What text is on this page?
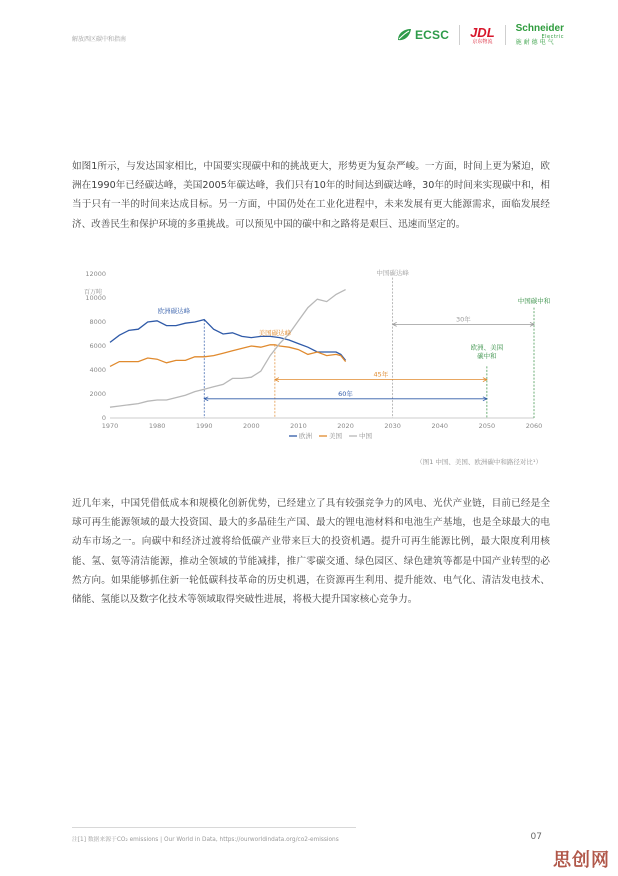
解放西区碳中和指南	ECSC JDL
京东物流
Schneider
Electric
施耐德电气

如图1所示，与发达国家相比，中国要实现碳中和的挑战更大，形势更为复杂严峻。一方面，时间上更为紧迫，欧洲在1990年已经碳达峰，美国2005年碳达峰，我们只有10年的时间达到碳达峰，30年的时间来实现碳中和，相当于只有一半的时间来达成目标。另一方面，中国仍处在工业化进程中，未来发展有更大能源需求，面临发展经济、改善民生和保护环境的多重挑战。可以预见中国的碳中和之路将是艰巨、迅速而坚定的。

百万吨
0
2000
4000
6000
8000
10000
12000
1970	1980	1990	2000	2010	2020	2030	2040	2050	2060
30年
45年
60年
欧洲碳达峰
美国碳达峰
中国碳达峰
中国碳中和
欧洲、美国
碳中和
欧洲	美国	中国
（图1 中国、美国、欧洲碳中和路径对比¹）

近几年来，中国凭借低成本和规模化创新优势，已经建立了具有较强竞争力的风电、光伏产业链，目前已经是全球可再生能源领域的最大投资国、最大的多晶硅生产国、最大的锂电池材料和电池生产基地，也是全球最大的电动车市场之一。向碳中和经济过渡将给低碳产业带来巨大的投资机遇。提升可再生能源比例，最大限度利用核能、氢、氨等清洁能源，推动全领域的节能减排，推广零碳交通、绿色园区、绿色建筑等都是中国产业转型的必然方向。如果能够抓住新一轮低碳科技革命的历史机遇，在资源再生利用、提升能效、电气化、清洁发电技术、储能、氢能以及数字化技术等领域取得突破性进展，将极大提升国家核心竞争力。

注[1] 数据来源于CO₂ emissions | Our World in Data, https://ourworldindata.org/co2-emissions	07
思创网
